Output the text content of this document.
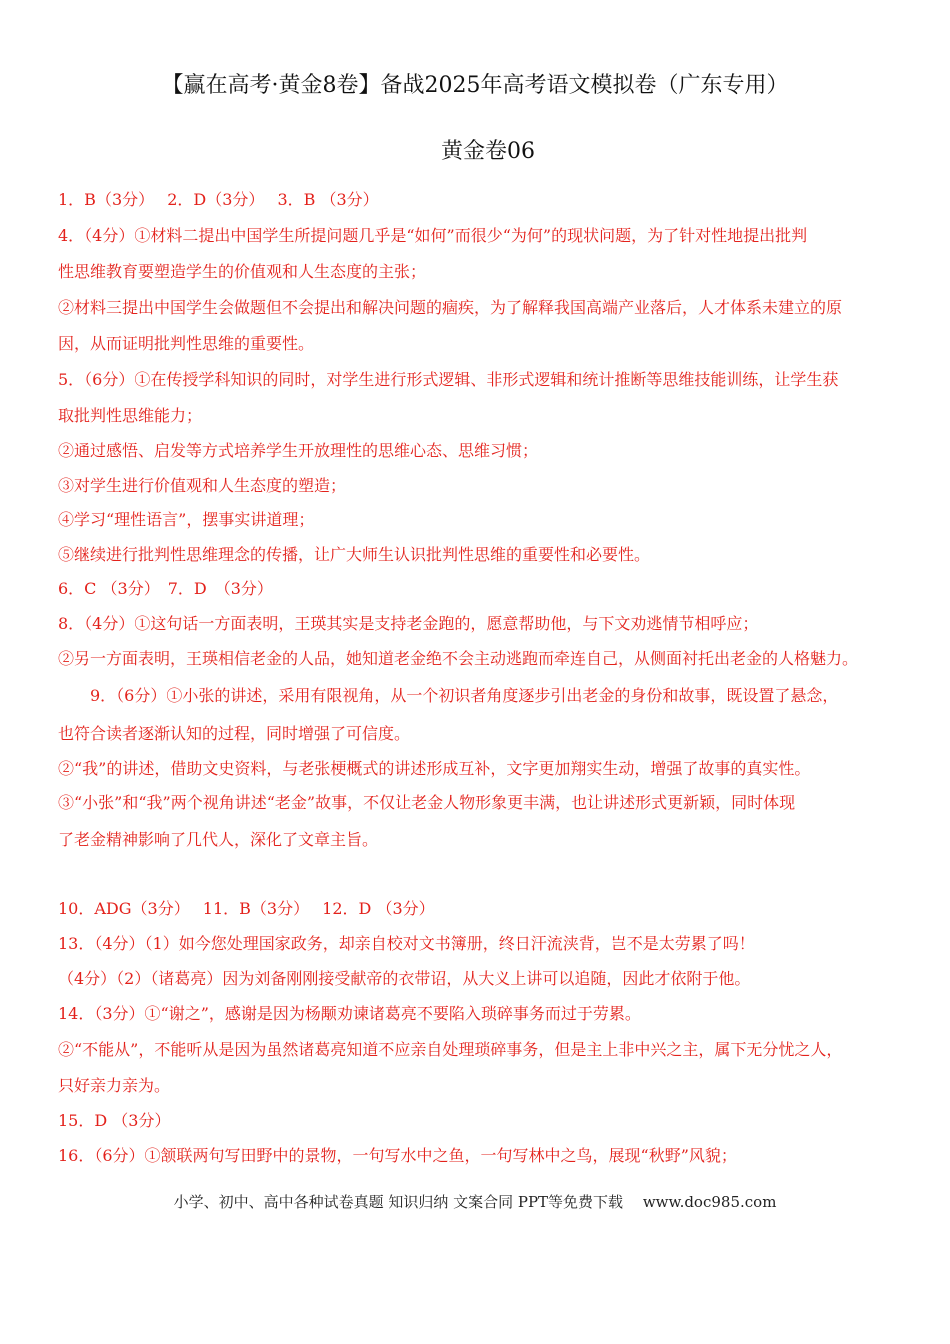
【赢在高考·黄金8卷】备战2025年高考语文模拟卷（广东专用）
黄金卷06
1．B（3分）　 2．D（3分）　 3．B （3分）
4．（4分）①材料二提出中国学生所提问题几乎是“如何”而很少“为何”的现状问题，为了针对性地提出批判
性思维教育要塑造学生的价值观和人生态度的主张；
②材料三提出中国学生会做题但不会提出和解决问题的痼疾，为了解释我国高端产业落后，人才体系未建立的原
因，从而证明批判性思维的重要性。
5．（6分）①在传授学科知识的同时，对学生进行形式逻辑、非形式逻辑和统计推断等思维技能训练，让学生获
取批判性思维能力；
②通过感悟、启发等方式培养学生开放理性的思维心态、思维习惯；
③对学生进行价值观和人生态度的塑造；
④学习“理性语言”，摆事实讲道理；
⑤继续进行批判性思维理念的传播，让广大师生认识批判性思维的重要性和必要性。
6．C （3分）　7．D　（3分）
8．（4分）①这句话一方面表明，王瑛其实是支持老金跑的，愿意帮助他，与下文劝逃情节相呼应；
②另一方面表明，王瑛相信老金的人品，她知道老金绝不会主动逃跑而牵连自己，从侧面衬托出老金的人格魅力。
9．（6分）①小张的讲述，采用有限视角，从一个初识者角度逐步引出老金的身份和故事，既设置了悬念，
也符合读者逐渐认知的过程，同时增强了可信度。
②“我”的讲述，借助文史资料，与老张梗概式的讲述形成互补，文字更加翔实生动，增强了故事的真实性。
③“小张”和“我”两个视角讲述“老金”故事，不仅让老金人物形象更丰满，也让讲述形式更新颖，同时体现
了老金精神影响了几代人，深化了文章主旨。
10．ADG（3分）　 11．B（3分）　 12．D （3分）
13．（4分）（1）如今您处理国家政务，却亲自校对文书簿册，终日汗流浃背，岂不是太劳累了吗！
（4分）（2）（诸葛亮）因为刘备刚刚接受献帝的衣带诏，从大义上讲可以追随，因此才依附于他。
14．（3分）①“谢之”，感谢是因为杨颙劝谏诸葛亮不要陷入琐碎事务而过于劳累。
②“不能从”，不能听从是因为虽然诸葛亮知道不应亲自处理琐碎事务，但是主上非中兴之主，属下无分忧之人，
只好亲力亲为。
15．D （3分）
16．（6分）①颔联两句写田野中的景物，一句写水中之鱼，一句写林中之鸟，展现“秋野”风貌；
小学、初中、高中各种试卷真题 知识归纳 文案合同 PPT等免费下载　 www.doc985.com
